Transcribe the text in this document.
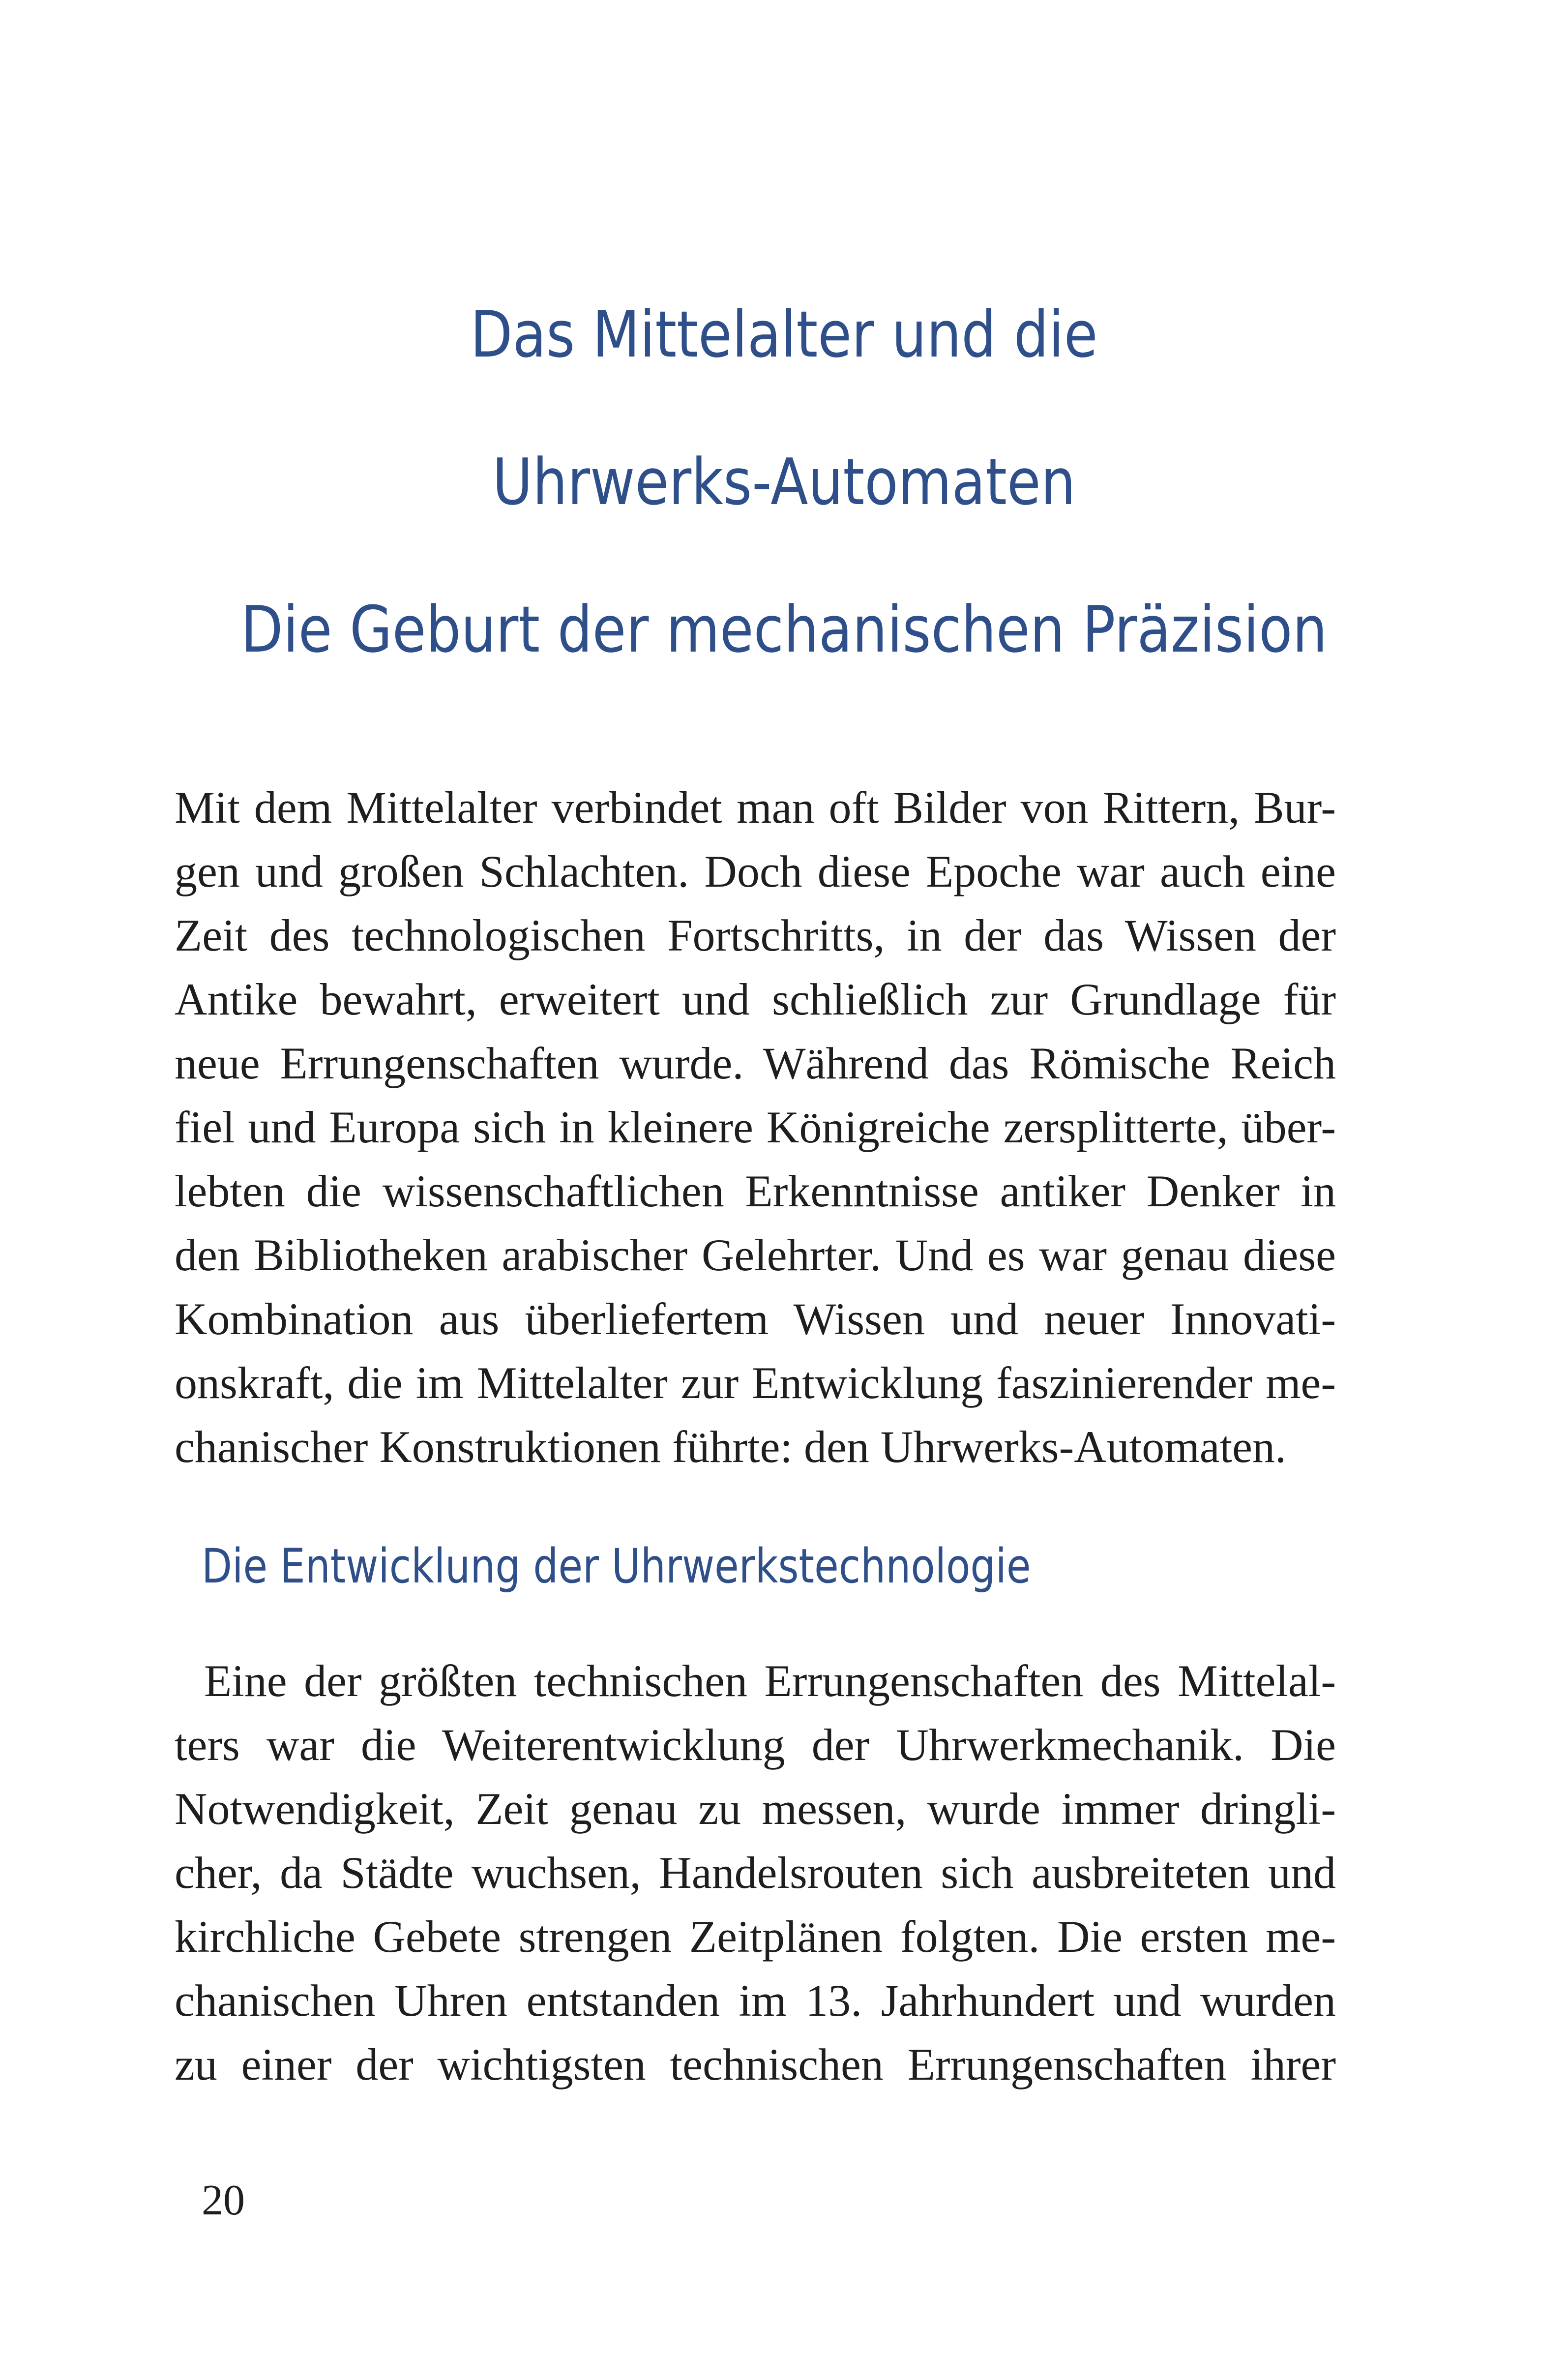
Das Mittelalter und die
Uhrwerks-Automaten
Die Geburt der mechanischen Präzision

Mit dem Mittelalter verbindet man oft Bilder von Rittern, Bur-
gen und großen Schlachten. Doch diese Epoche war auch eine
Zeit des technologischen Fortschritts, in der das Wissen der
Antike bewahrt, erweitert und schließlich zur Grundlage für
neue Errungenschaften wurde. Während das Römische Reich
fiel und Europa sich in kleinere Königreiche zersplitterte, über-
lebten die wissenschaftlichen Erkenntnisse antiker Denker in
den Bibliotheken arabischer Gelehrter. Und es war genau diese
Kombination aus überliefertem Wissen und neuer Innovati-
onskraft, die im Mittelalter zur Entwicklung faszinierender me-
chanischer Konstruktionen führte: den Uhrwerks-Automaten.

Die Entwicklung der Uhrwerkstechnologie

Eine der größten technischen Errungenschaften des Mittelal-
ters war die Weiterentwicklung der Uhrwerkmechanik. Die
Notwendigkeit, Zeit genau zu messen, wurde immer dringli-
cher, da Städte wuchsen, Handelsrouten sich ausbreiteten und
kirchliche Gebete strengen Zeitplänen folgten. Die ersten me-
chanischen Uhren entstanden im 13. Jahrhundert und wurden
zu einer der wichtigsten technischen Errungenschaften ihrer

20
